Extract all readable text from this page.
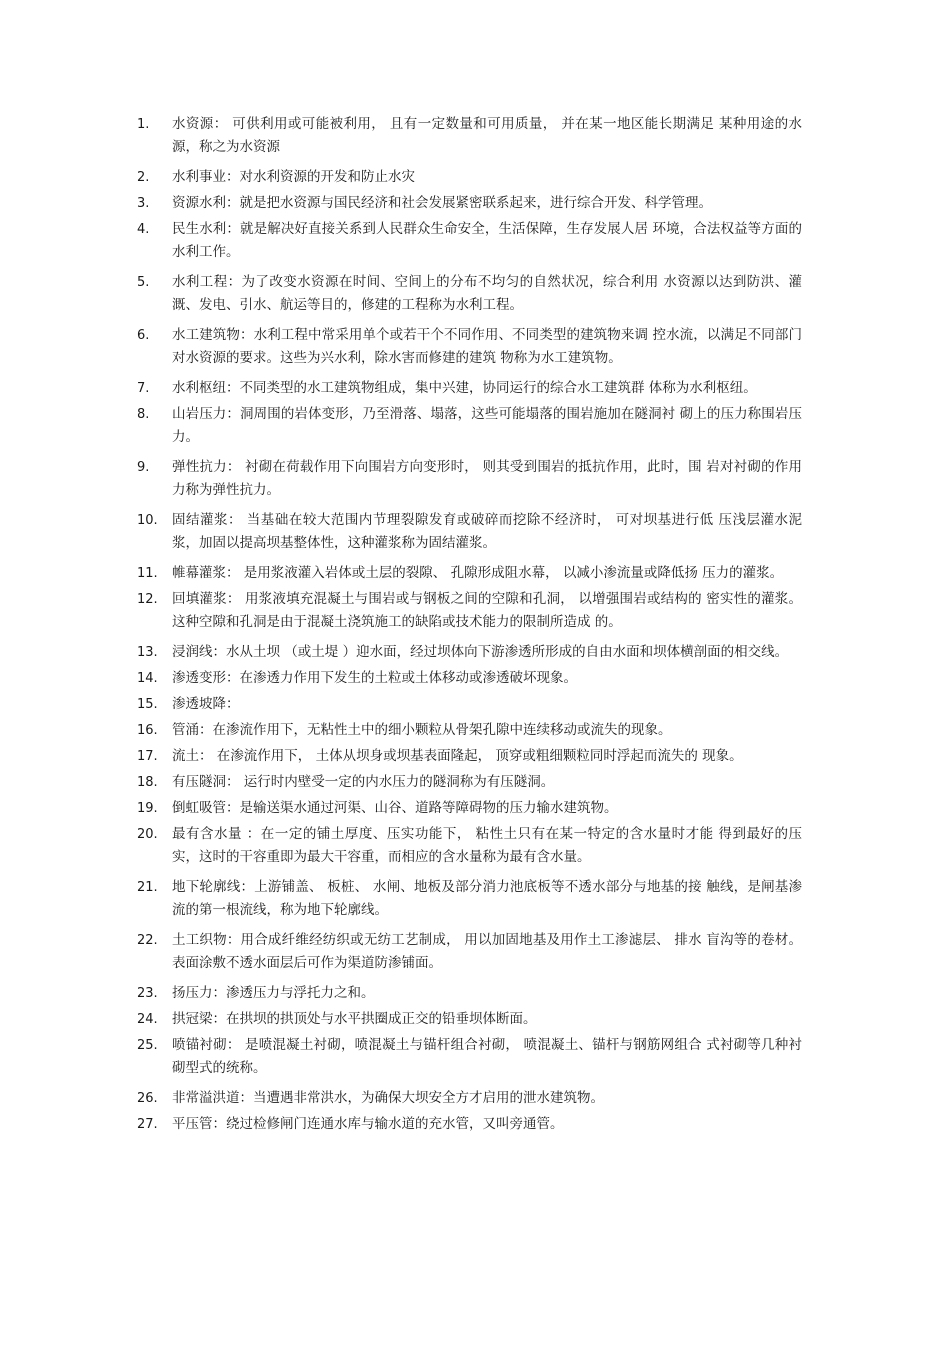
1.	水资源： 可供利用或可能被利用， 且有一定数量和可用质量， 并在某一地区能长期满足 某种用途的水源，称之为水资源
2.	水利事业：对水利资源的开发和防止水灾
3.	资源水利：就是把水资源与国民经济和社会发展紧密联系起来，进行综合开发、科学管理。
4.	民生水利：就是解决好直接关系到人民群众生命安全，生活保障，生存发展人居 环境，合法权益等方面的水利工作。
5.	水利工程：为了改变水资源在时间、空间上的分布不均匀的自然状况，综合利用 水资源以达到防洪、灌溉、发电、引水、航运等目的，修建的工程称为水利工程。
6.	水工建筑物：水利工程中常采用单个或若干个不同作用、不同类型的建筑物来调 控水流，以满足不同部门对水资源的要求。这些为兴水利，除水害而修建的建筑 物称为水工建筑物。
7.	水利枢纽：不同类型的水工建筑物组成，集中兴建，协同运行的综合水工建筑群 体称为水利枢纽。
8.	山岩压力：洞周围的岩体变形，乃至滑落、塌落，这些可能塌落的围岩施加在隧洞衬 砌上的压力称围岩压力。
9.	弹性抗力： 衬砌在荷载作用下向围岩方向变形时， 则其受到围岩的抵抗作用，此时，围 岩对衬砌的作用力称为弹性抗力。
10.	固结灌浆： 当基础在较大范围内节理裂隙发育或破碎而挖除不经济时， 可对坝基进行低 压浅层灌水泥浆，加固以提高坝基整体性，这种灌浆称为固结灌浆。
11.	帷幕灌浆： 是用浆液灌入岩体或土层的裂隙、 孔隙形成阻水幕， 以减小渗流量或降低扬 压力的灌浆。
12.	回填灌浆： 用浆液填充混凝土与围岩或与钢板之间的空隙和孔洞， 以增强围岩或结构的 密实性的灌浆。 这种空隙和孔洞是由于混凝土浇筑施工的缺陷或技术能力的限制所造成 的。
13.	浸润线：水从土坝 （或土堤 ）迎水面，经过坝体向下游渗透所形成的自由水面和坝体横剖面的相交线。
14.	渗透变形：在渗透力作用下发生的土粒或土体移动或渗透破坏现象。
15.	渗透坡降：
16.	管涌：在渗流作用下，无粘性土中的细小颗粒从骨架孔隙中连续移动或流失的现象。
17.	流土： 在渗流作用下， 土体从坝身或坝基表面隆起， 顶穿或粗细颗粒同时浮起而流失的 现象。
18.	有压隧洞： 运行时内壁受一定的内水压力的隧洞称为有压隧洞。
19.	倒虹吸管：是输送渠水通过河渠、山谷、道路等障碍物的压力输水建筑物。
20.	最有含水量 ：在一定的铺土厚度、压实功能下， 粘性土只有在某一特定的含水量时才能 得到最好的压实，这时的干容重即为最大干容重，而相应的含水量称为最有含水量。
21.	地下轮廓线：上游铺盖、 板桩、 水闸、地板及部分消力池底板等不透水部分与地基的接 触线，是闸基渗流的第一根流线，称为地下轮廓线。
22.	土工织物：用合成纤维经纺织或无纺工艺制成， 用以加固地基及用作土工渗滤层、 排水 盲沟等的卷材。表面涂敷不透水面层后可作为渠道防渗铺面。
23.	扬压力：渗透压力与浮托力之和。
24.	拱冠梁：在拱坝的拱顶处与水平拱圈成正交的铅垂坝体断面。
25.	喷锚衬砌： 是喷混凝土衬砌，喷混凝土与锚杆组合衬砌， 喷混凝土、锚杆与钢筋网组合 式衬砌等几种衬砌型式的统称。
26.	非常溢洪道：当遭遇非常洪水，为确保大坝安全方才启用的泄水建筑物。
27.	平压管：绕过检修闸门连通水库与输水道的充水管，又叫旁通管。
